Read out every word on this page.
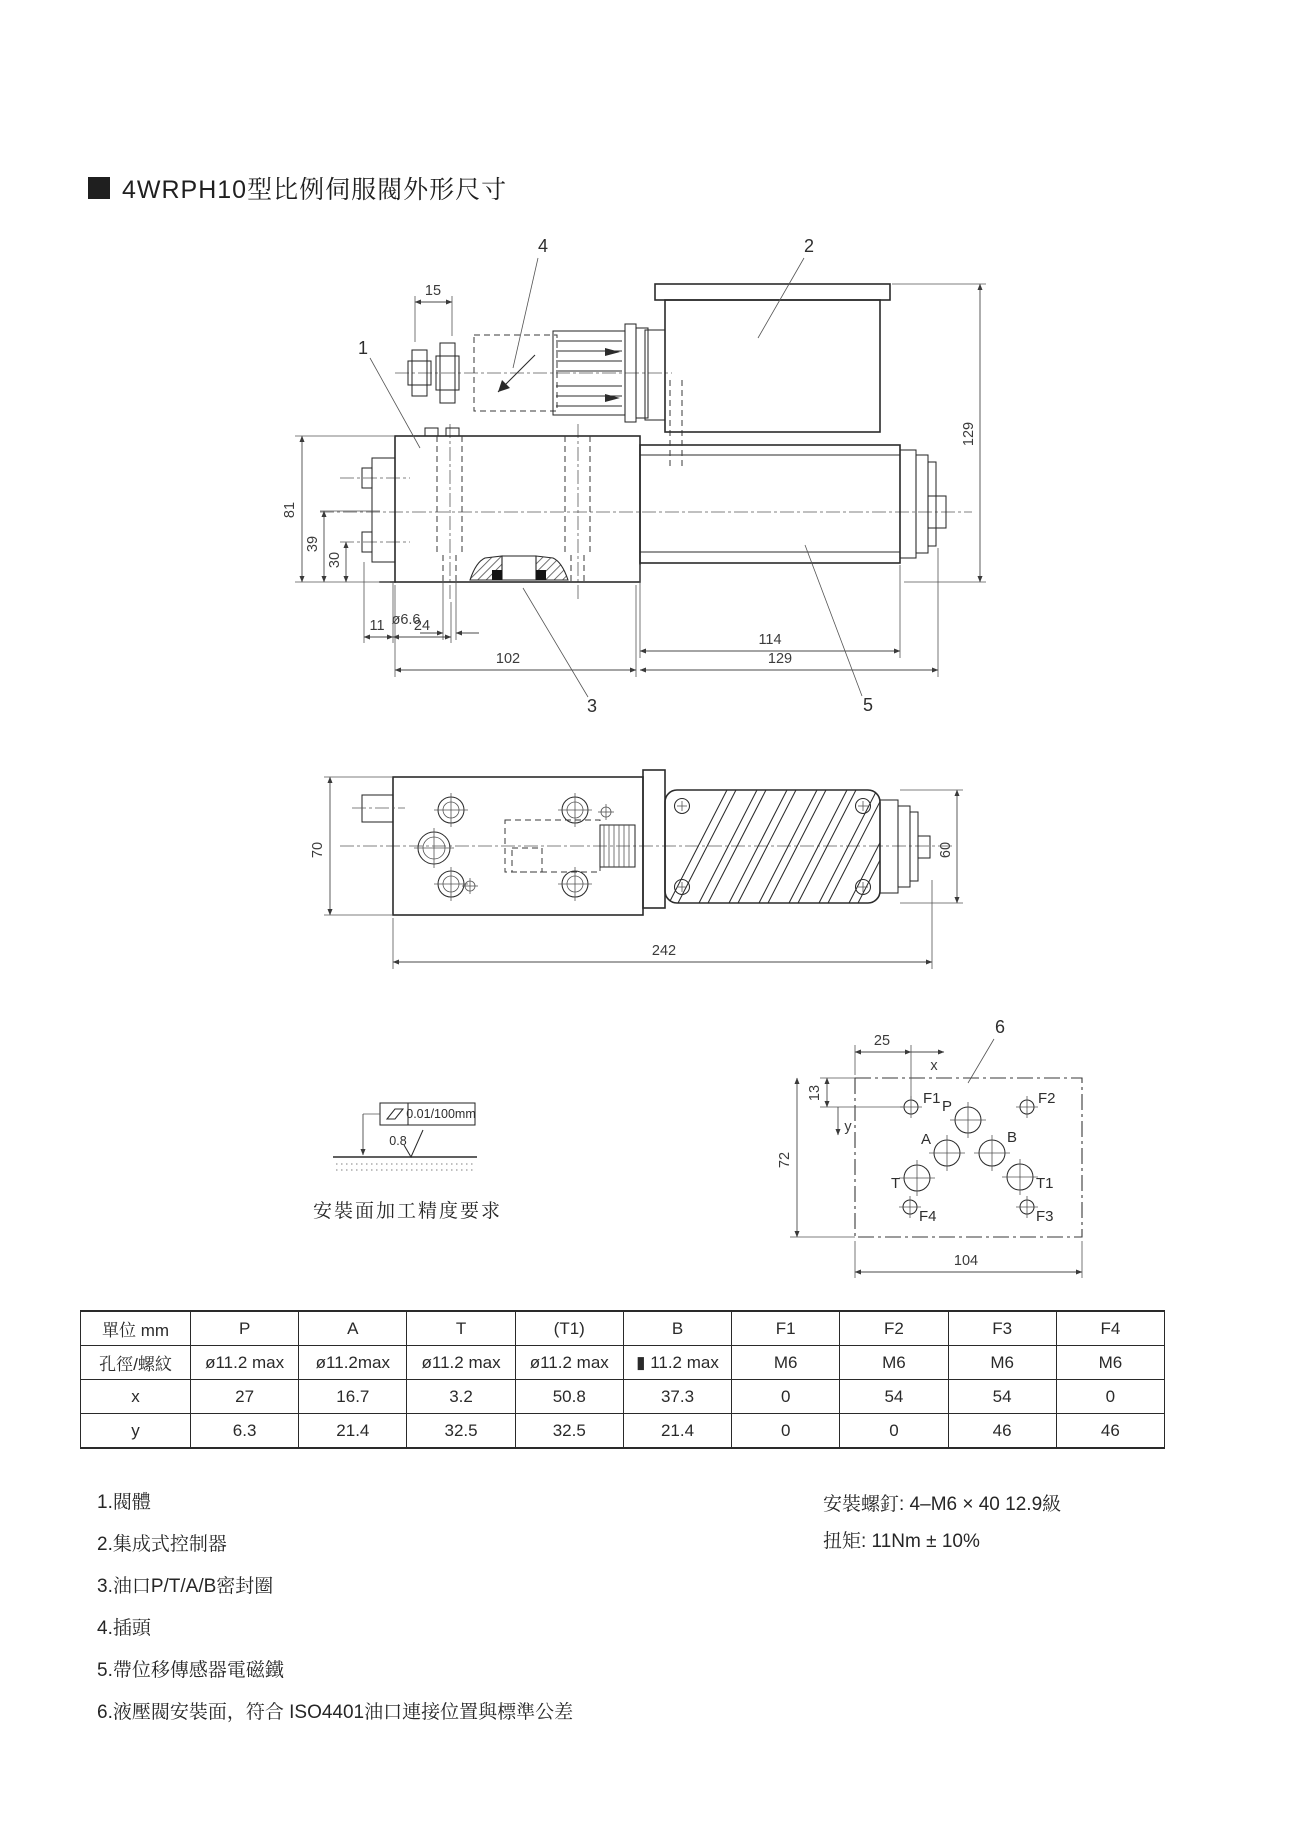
4WRPH10型比例伺服閥外形尺寸
15
81
39
30
129
ø6.6
11 24
114
102	129
1
4	2
3	5
70	60
242
0.01/100mm
0.8
安裝面加工精度要求
6
25
x
13
y
72
104
F1 P	F2
A	B
T	T1
F4	F3
單位 mm	P	A	T	(T1)	B	F1	F2	F3	F4
孔徑/螺紋	ø11.2 max	ø11.2max	ø11.2 max	ø11.2 max	▮ 11.2 max	M6	M6	M6	M6
x	27	16.7	3.2	50.8	37.3	0	54	54	0
y	6.3	21.4	32.5	32.5	21.4	0	0	46	46
1.閥體
2.集成式控制器
3.油口P/T/A/B密封圈
4.插頭
5.帶位移傳感器電磁鐵
6.液壓閥安裝面，符合 ISO4401油口連接位置與標準公差
安裝螺釘: 4–M6 × 40 12.9級
扭矩: 11Nm ± 10%
